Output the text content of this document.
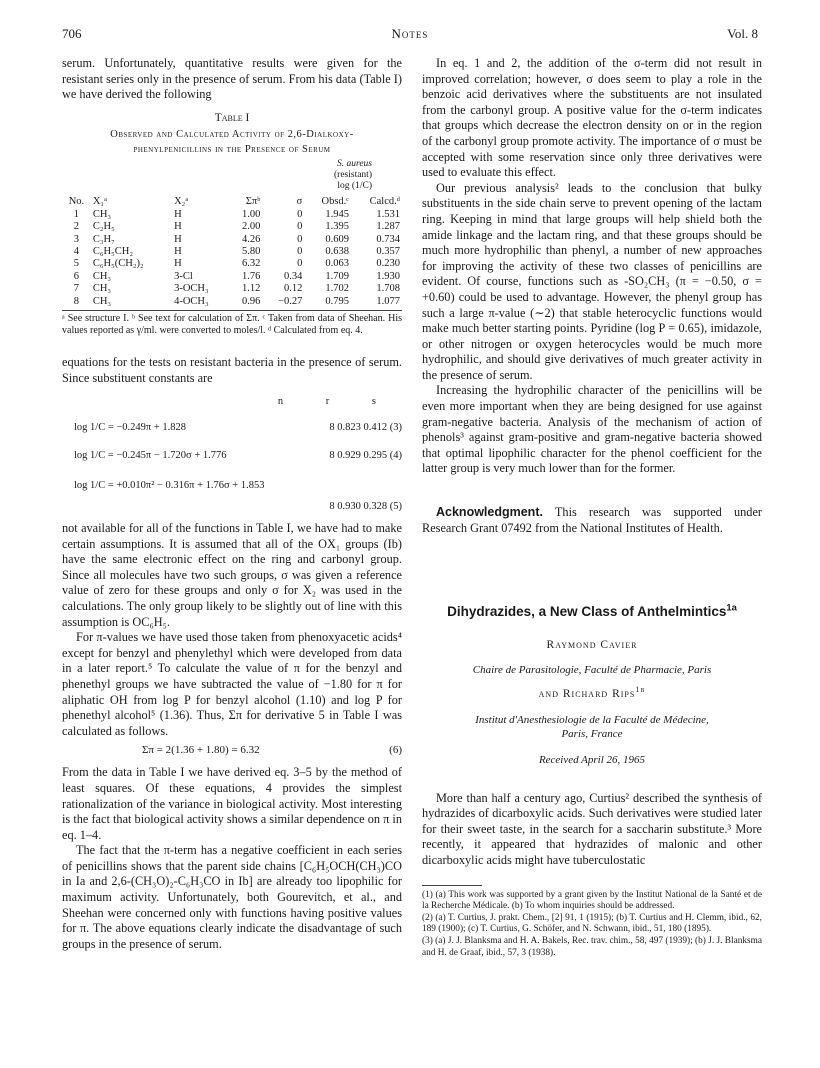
706	Notes	Vol. 8

serum. Unfortunately, quantitative results were given for the resistant series only in the presence of serum. From his data (Table I) we have derived the following

Table I
Observed and Calculated Activity of 2,6-Dialkoxy-
phenylpenicillins in the Presence of Serum
S. aureus
(resistant)
log (1/C)
No.	X₁ᵃ	X₂ᵃ	Σπᵇ	σ	Obsd.ᶜ	Calcd.ᵈ
1	CH₃	H	1.00	0	1.945	1.531
2	C₂H₅	H	2.00	0	1.395	1.287
3	C₃H₇	H	4.26	0	0.609	0.734
4	C₆H₅CH₂	H	5.80	0	0.638	0.357
5	C₆H₅(CH₂)₂	H	6.32	0	0.063	0.230
6	CH₃	3-Cl	1.76	0.34	1.709	1.930
7	CH₃	3-OCH₃	1.12	0.12	1.702	1.708
8	CH₃	4-OCH₃	0.96	−0.27	0.795	1.077

ᵃ See structure I. ᵇ See text for calculation of Σπ. ᶜ Taken from data of Sheehan. His values reported as γ/ml. were converted to moles/l. ᵈ Calculated from eq. 4.

equations for the tests on resistant bacteria in the presence of serum. Since substituent constants are

n r s
log 1/C = −0.249π + 1.828	8 0.823 0.412 (3)
log 1/C = −0.245π − 1.720σ + 1.776	8 0.929 0.295 (4)
log 1/C = +0.010π² − 0.316π + 1.76σ + 1.853
8 0.930 0.328 (5)

not available for all of the functions in Table I, we have had to make certain assumptions. It is assumed that all of the OX₁ groups (Ib) have the same electronic effect on the ring and carbonyl group. Since all molecules have two such groups, σ was given a reference value of zero for these groups and only σ for X₂ was used in the calculations. The only group likely to be slightly out of line with this assumption is OC₆H₅.

For π-values we have used those taken from phenoxyacetic acids⁴ except for benzyl and phenylethyl which were developed from data in a later report.⁵ To calculate the value of π for the benzyl and phenethyl groups we have subtracted the value of −1.80 for π for aliphatic OH from log P for benzyl alcohol (1.10) and log P for phenethyl alcohol⁵ (1.36). Thus, Σπ for derivative 5 in Table I was calculated as follows.

Σπ = 2(1.36 + 1.80) = 6.32	(6)

From the data in Table I we have derived eq. 3–5 by the method of least squares. Of these equations, 4 provides the simplest rationalization of the variance in biological activity. Most interesting is the fact that biological activity shows a similar dependence on π in eq. 1–4.

The fact that the π-term has a negative coefficient in each series of penicillins shows that the parent side chains [C₆H₅OCH(CH₃)CO in Ia and 2,6-(CH₃O)₂-C₆H₃CO in Ib] are already too lipophilic for maximum activity. Unfortunately, both Gourevitch, et al., and Sheehan were concerned only with functions having positive values for π. The above equations clearly indicate the disadvantage of such groups in the presence of serum.

In eq. 1 and 2, the addition of the σ-term did not result in improved correlation; however, σ does seem to play a role in the benzoic acid derivatives where the substituents are not insulated from the carbonyl group. A positive value for the σ-term indicates that groups which decrease the electron density on or in the region of the carbonyl group promote activity. The importance of σ must be accepted with some reservation since only three derivatives were used to evaluate this effect.

Our previous analysis² leads to the conclusion that bulky substituents in the side chain serve to prevent opening of the lactam ring. Keeping in mind that large groups will help shield both the amide linkage and the lactam ring, and that these groups should be much more hydrophilic than phenyl, a number of new approaches for improving the activity of these two classes of penicillins are evident. Of course, functions such as -SO₂CH₃ (π = −0.50, σ = +0.60) could be used to advantage. However, the phenyl group has such a large π-value (∼2) that stable heterocyclic functions would make much better starting points. Pyridine (log P = 0.65), imidazole, or other nitrogen or oxygen heterocycles would be much more hydrophilic, and should give derivatives of much greater activity in the presence of serum.

Increasing the hydrophilic character of the penicillins will be even more important when they are being designed for use against gram-negative bacteria. Analysis of the mechanism of action of phenols³ against gram-positive and gram-negative bacteria showed that optimal lipophilic character for the phenol coefficient for the latter group is very much lower than for the former.

Acknowledgment. This research was supported under Research Grant 07492 from the National Institutes of Health.

Dihydrazides, a New Class of Anthelmintics$^{1a}$
Raymond Cavier
Chaire de Parasitologie, Faculté de Pharmacie, Paris
and Richard Rips$^{1b}$
Institut d'Anesthesiologie de la Faculté de Médecine,
Paris, France
Received April 26, 1965

More than half a century ago, Curtius² described the synthesis of hydrazides of dicarboxylic acids. Such derivatives were studied later for their sweet taste, in the search for a saccharin substitute.³ More recently, it appeared that hydrazides of malonic and other dicarboxylic acids might have tuberculostatic

(1) (a) This work was supported by a grant given by the Institut National de la Santé et de la Recherche Médicale. (b) To whom inquiries should be addressed.

(2) (a) T. Curtius, J. prakt. Chem., [2] 91, 1 (1915); (b) T. Curtius and H. Clemm, ibid., 62, 189 (1900); (c) T. Curtius, G. Schöfer, and N. Schwann, ibid., 51, 180 (1895).

(3) (a) J. J. Blanksma and H. A. Bakels, Rec. trav. chim., 58, 497 (1939); (b) J. J. Blanksma and H. de Graaf, ibid., 57, 3 (1938).
